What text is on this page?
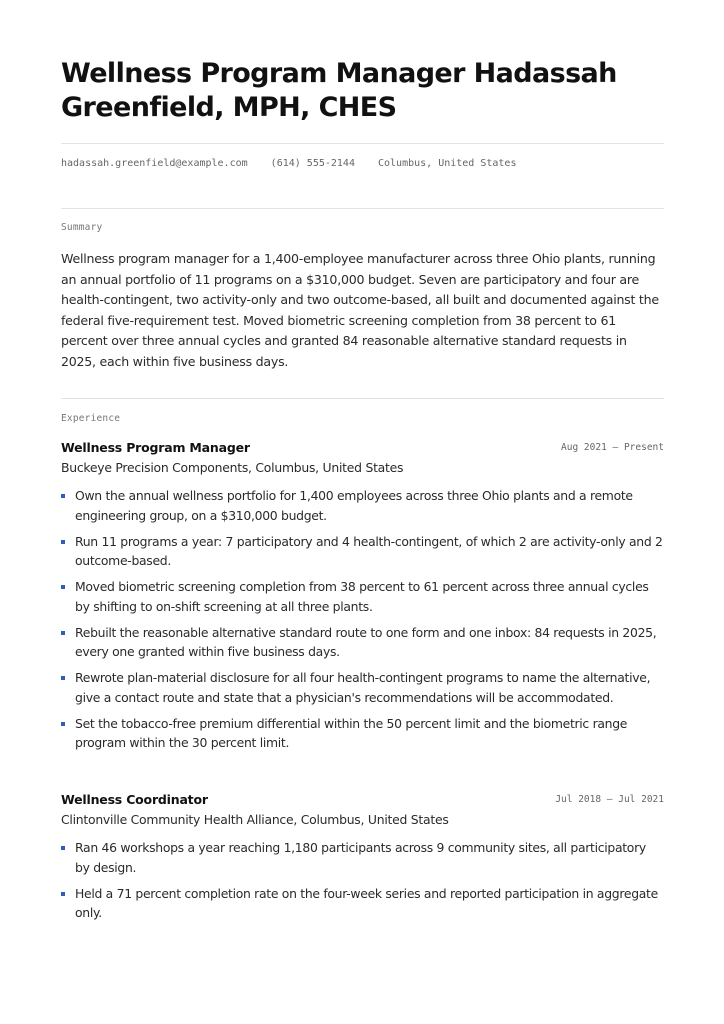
Wellness Program Manager Hadassah Greenfield, MPH, CHES
hadassah.greenfield@example.com (614) 555-2144 Columbus, United States
Summary

Wellness program manager for a 1,400-employee manufacturer across three Ohio plants, running an annual portfolio of 11 programs on a $310,000 budget. Seven are participatory and four are health-contingent, two activity-only and two outcome-based, all built and documented against the federal five-requirement test. Moved biometric screening completion from 38 percent to 61 percent over three annual cycles and granted 84 reasonable alternative standard requests in 2025, each within five business days.

Experience
Wellness Program Manager	Aug 2021 — Present
Buckeye Precision Components, Columbus, United States
Own the annual wellness portfolio for 1,400 employees across three Ohio plants and a remote engineering group, on a $310,000 budget.
Run 11 programs a year: 7 participatory and 4 health-contingent, of which 2 are activity-only and 2 outcome-based.
Moved biometric screening completion from 38 percent to 61 percent across three annual cycles by shifting to on-shift screening at all three plants.
Rebuilt the reasonable alternative standard route to one form and one inbox: 84 requests in 2025, every one granted within five business days.
Rewrote plan-material disclosure for all four health-contingent programs to name the alternative, give a contact route and state that a physician's recommendations will be accommodated.
Set the tobacco-free premium differential within the 50 percent limit and the biometric range program within the 30 percent limit.
Wellness Coordinator	Jul 2018 — Jul 2021
Clintonville Community Health Alliance, Columbus, United States
Ran 46 workshops a year reaching 1,180 participants across 9 community sites, all participatory by design.
Held a 71 percent completion rate on the four-week series and reported participation in aggregate only.
